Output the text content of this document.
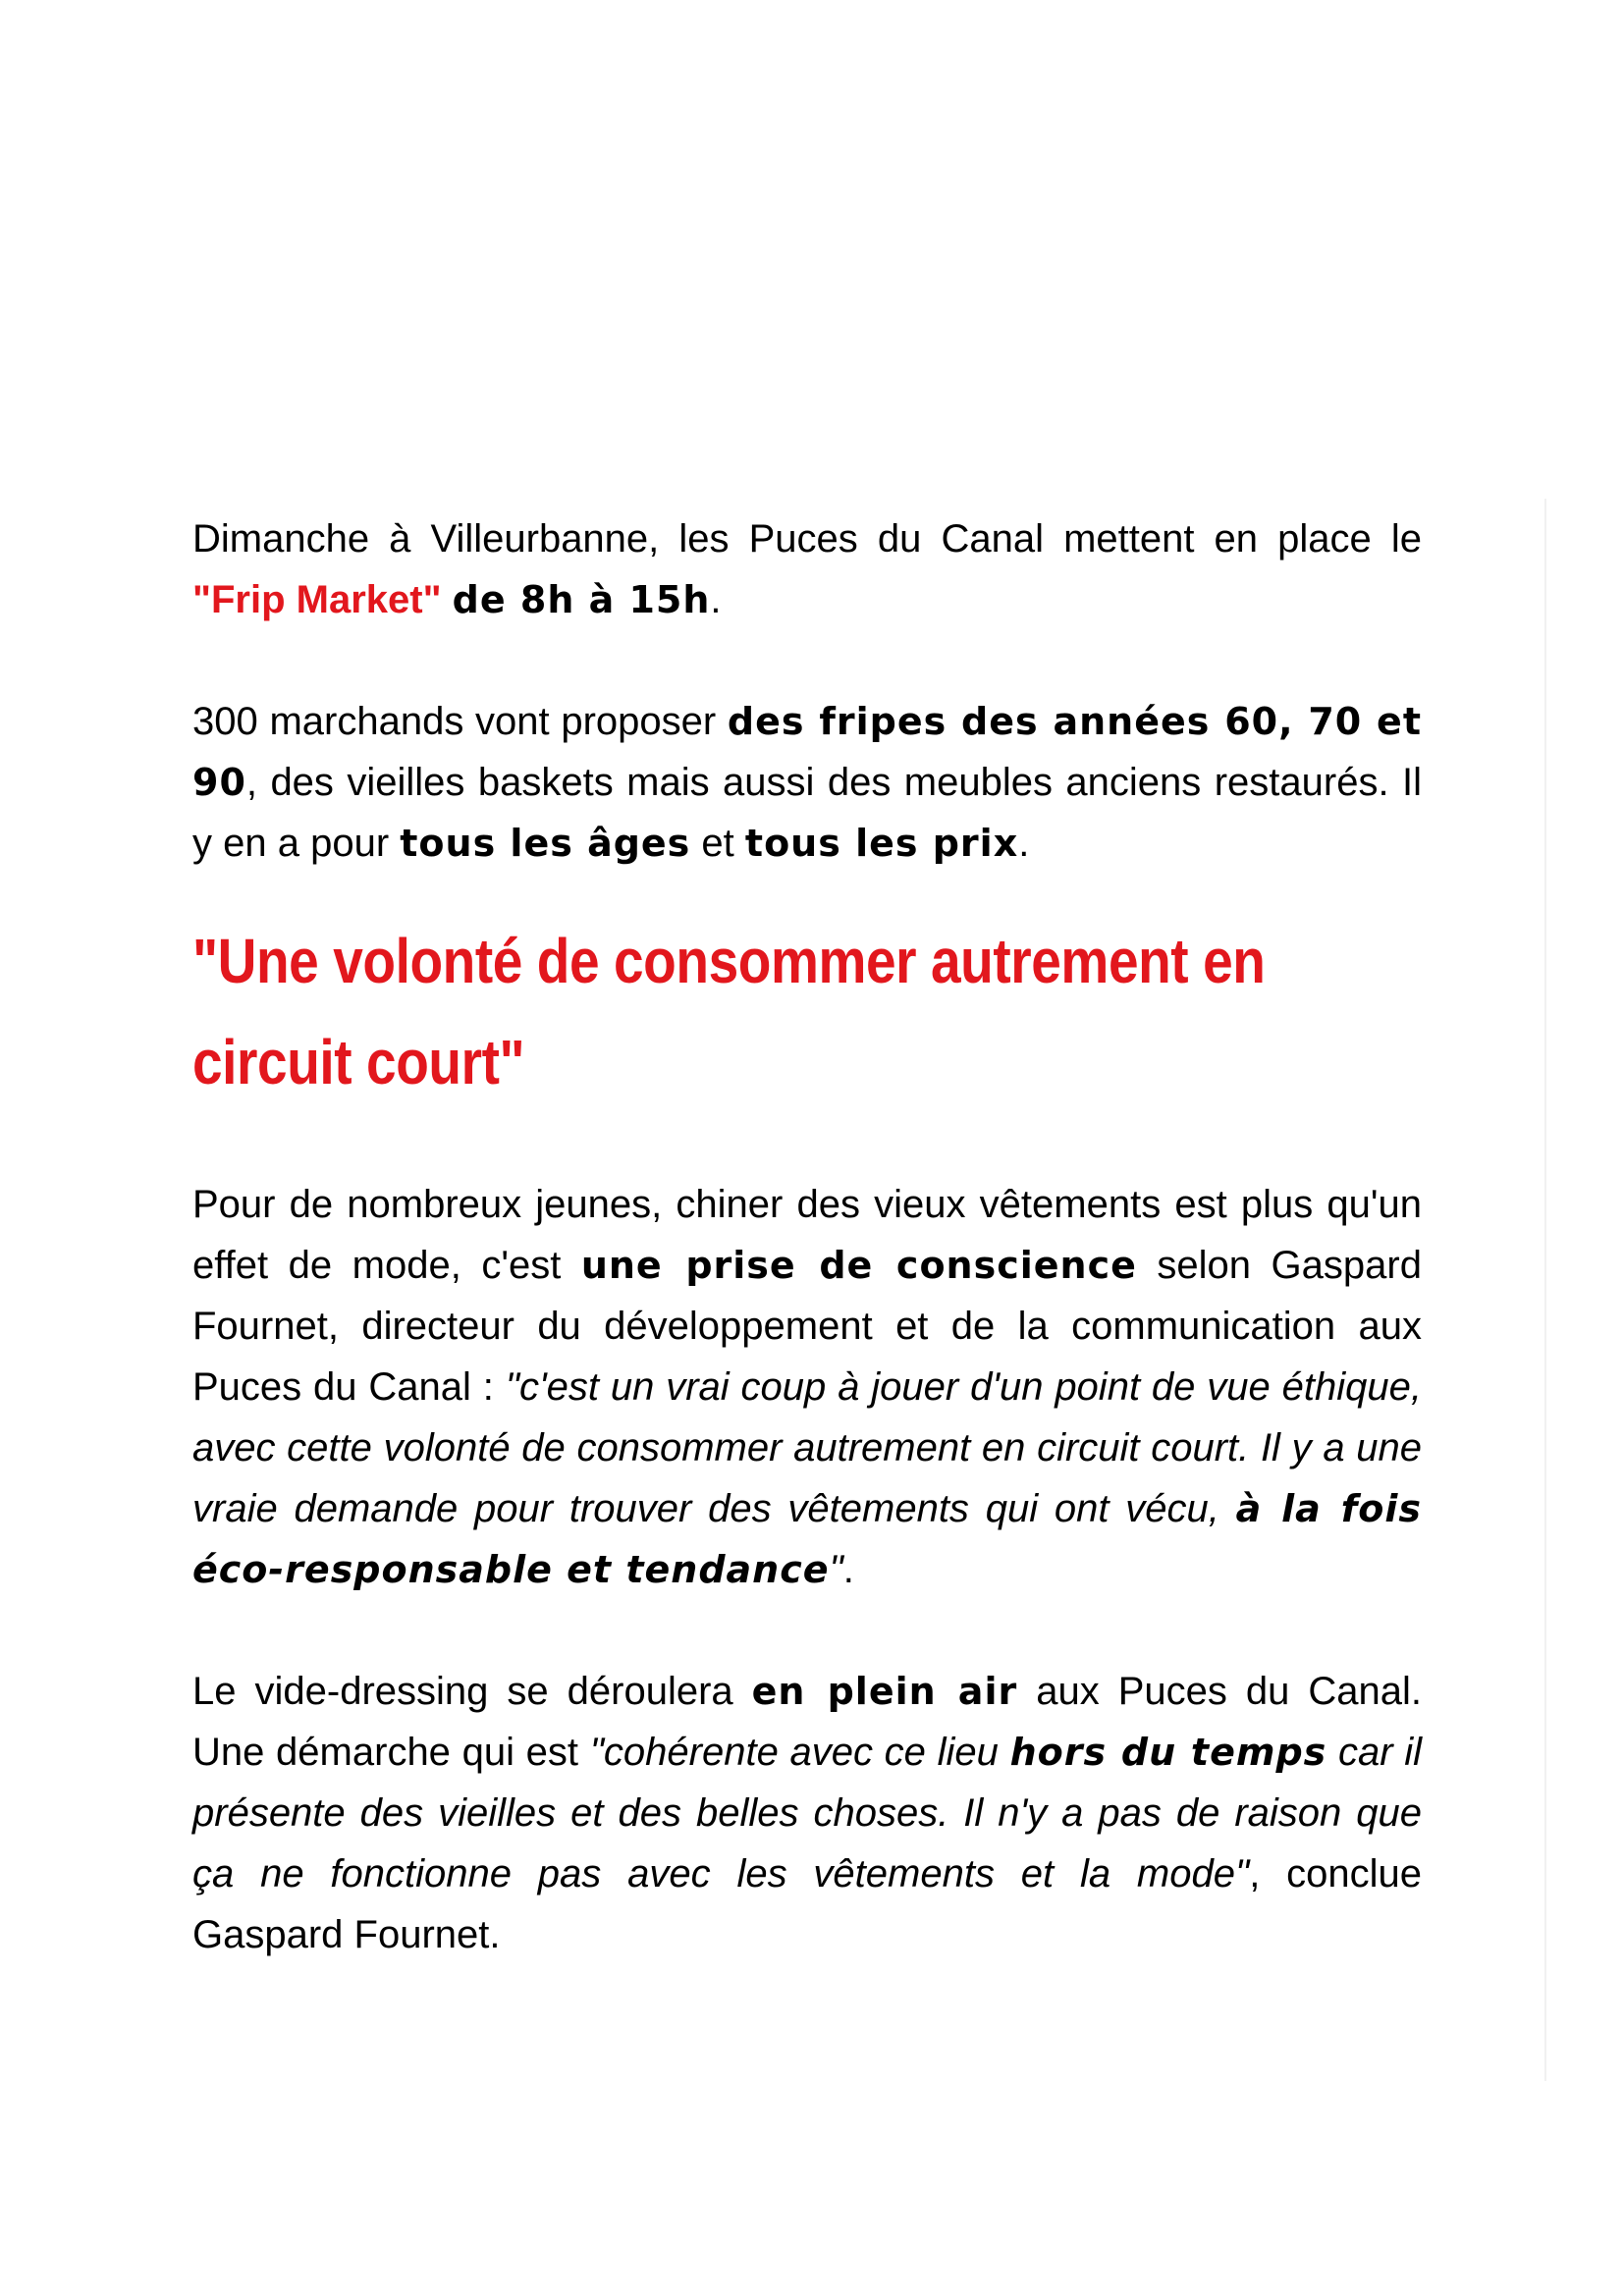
Dimanche à Villeurbanne, les Puces du Canal mettent en place le "Frip Market" de 8h à 15h.

300 marchands vont proposer des fripes des années 60, 70 et 90, des vieilles baskets mais aussi des meubles anciens restaurés. Il y en a pour tous les âges et tous les prix.

"Une volonté de consommer autrement en circuit court"

Pour de nombreux jeunes, chiner des vieux vêtements est plus qu'un effet de mode, c'est une prise de conscience selon Gaspard Fournet, directeur du développement et de la communication aux Puces du Canal : "c'est un vrai coup à jouer d'un point de vue éthique, avec cette volonté de consommer autrement en circuit court. Il y a une vraie demande pour trouver des vêtements qui ont vécu, à la fois éco-responsable et tendance".

Le vide-dressing se déroulera en plein air aux Puces du Canal. Une démarche qui est "cohérente avec ce lieu hors du temps car il présente des vieilles et des belles choses. Il n'y a pas de raison que ça ne fonctionne pas avec les vêtements et la mode", conclue Gaspard Fournet.
